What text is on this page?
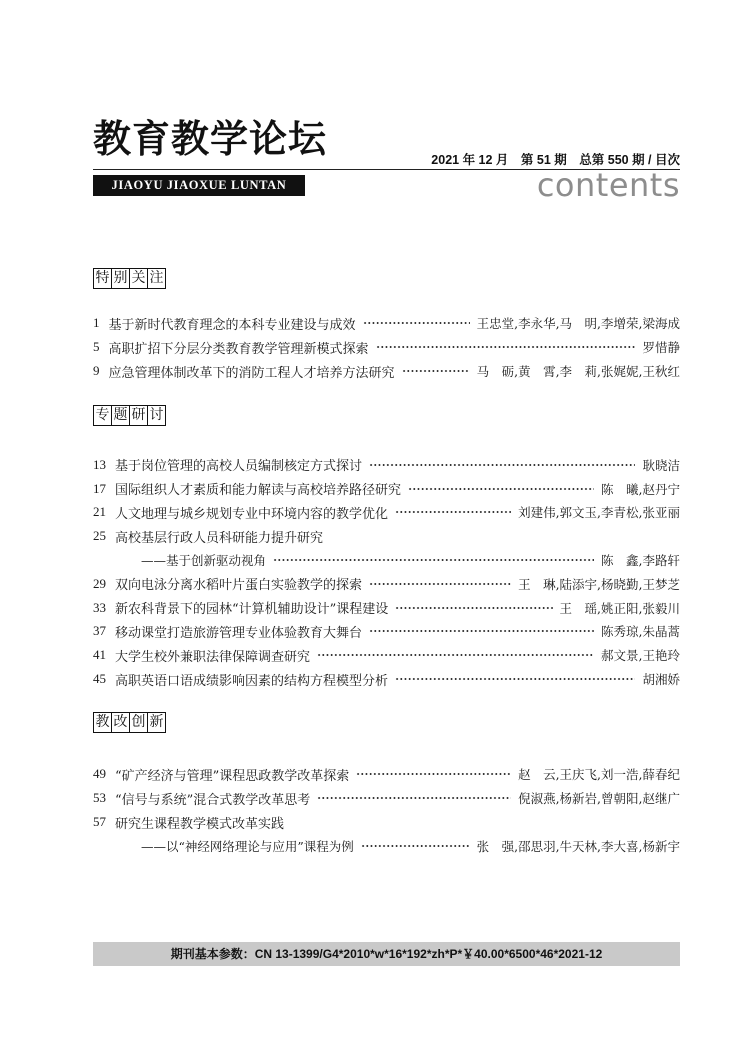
教育教学论坛	2021 年 12 月　第 51 期　总第 550 期 / 目次
JIAOYU JIAOXUE LUNTAN	contents
特 别 关 注
1 基于新时代教育理念的本科专业建设与成效	王忠堂,李永华,马　明,李增荣,梁海成
5 高职扩招下分层分类教育教学管理新模式探索	罗惜静
9 应急管理体制改革下的消防工程人才培养方法研究	马　砺,黄　霄,李　莉,张娓妮,王秋红
专 题 研 讨
13 基于岗位管理的高校人员编制核定方式探讨	耿晓洁
17 国际组织人才素质和能力解读与高校培养路径研究	陈　曦,赵丹宁
21 人文地理与城乡规划专业中环境内容的教学优化	刘建伟,郭文玉,李青松,张亚丽
25 高校基层行政人员科研能力提升研究
——基于创新驱动视角	陈　鑫,李路轩
29 双向电泳分离水稻叶片蛋白实验教学的探索	王　琳,陆添宇,杨晓勤,王梦芝
33 新农科背景下的园林“计算机辅助设计”课程建设	王　瑶,姚正阳,张毅川
37 移动课堂打造旅游管理专业体验教育大舞台	陈秀琼,朱晶蒿
41 大学生校外兼职法律保障调查研究	郝文景,王艳玲
45 高职英语口语成绩影响因素的结构方程模型分析	胡湘娇
教 改 创 新
49 “矿产经济与管理”课程思政教学改革探索	赵　云,王庆飞,刘一浩,薛春纪
53 “信号与系统”混合式教学改革思考	倪淑燕,杨新岩,曾朝阳,赵继广
57 研究生课程教学模式改革实践
——以“神经网络理论与应用”课程为例	张　强,邵思羽,牛天林,李大喜,杨新宇
期刊基本参数：CN 13-1399/G4*2010*w*16*192*zh*P*￥40.00*6500*46*2021-12
